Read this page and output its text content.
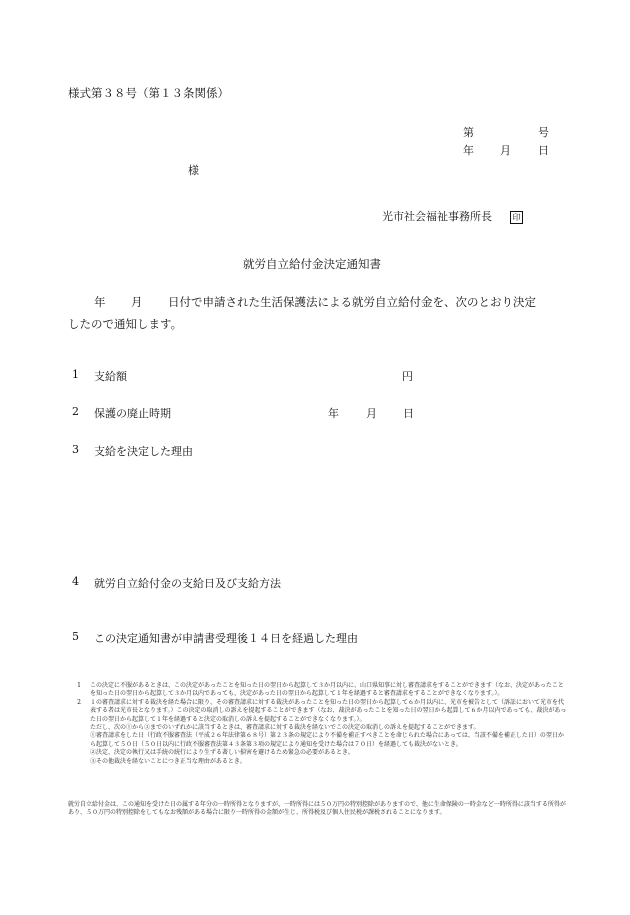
様式第３８号（第１３条関係）
第	号
年 月 日
様
光市社会福祉事務所長	印
就労自立給付金決定通知書
年 月 日付で申請された生活保護法による就労自立給付金を、次のとおり決定
したので通知します。
1 支給額	円
2 保護の廃止時期	年 月 日
3 支給を決定した理由
4 就労自立給付金の支給日及び支給方法
5 この決定通知書が申請書受理後１４日を経過した理由
1	この決定に不服があるときは、この決定があったことを知った日の翌日から起算して３か月以内に、山口県知事に対し審査請求をすることができます（なお、決定があったことを知った日の翌日から起算して３か月以内であっても、決定があった日の翌日から起算して１年を経過すると審査請求をすることができなくなります。）。
2	１の審査請求に対する裁決を経た場合に限り、その審査請求に対する裁決があったことを知った日の翌日から起算して６か月以内に、光市を被告として（訴訟において光市を代表する者は光市長となります。）この決定の取消しの訴えを提起することができます（なお、裁決があったことを知った日の翌日から起算して６か月以内であっても、裁決があった日の翌日から起算して１年を経過すると決定の取消しの訴えを提起することができなくなります。）。
ただし、次の①から③までのいずれかに該当するときは、審査請求に対する裁決を経ないでこの決定の取消しの訴えを提起することができます。
①審査請求をした日（行政不服審査法（平成２６年法律第６８号）第２３条の規定により不備を補正すべきことを命じられた場合にあっては、当該不備を補正した日）の翌日から起算して５０日（５０日以内に行政不服審査法第４３条第３項の規定により通知を受けた場合は７０日）を経過しても裁決がないとき。
②決定、決定の執行又は手続の続行により生ずる著しい損害を避けるため緊急の必要があるとき。
③その他裁決を経ないことにつき正当な理由があるとき。
就労自立給付金は、この通知を受けた日の属する年分の一時所得となりますが、一時所得には５０万円の特別控除がありますので、他に生命保険の一時金など一時所得に該当する所得があり、５０万円の特別控除をしてもなお残額がある場合に限り一時所得の金額が生じ、所得税及び個人住民税が課税されることになります。
